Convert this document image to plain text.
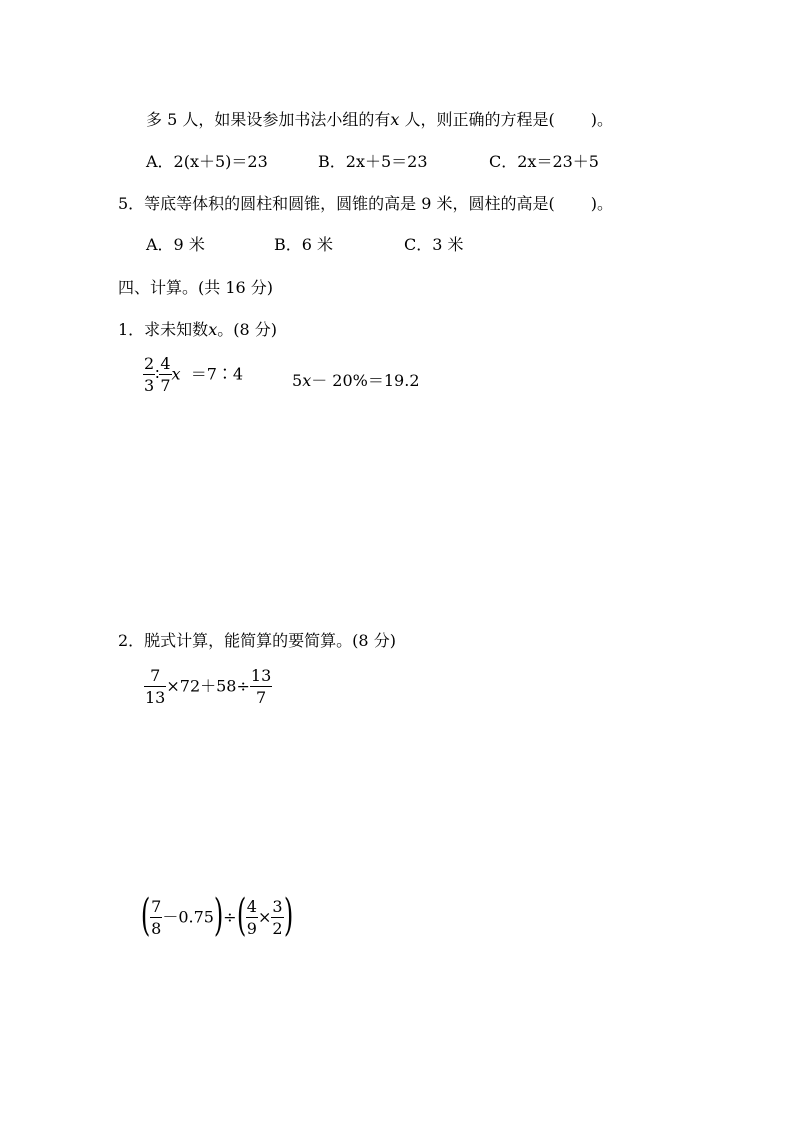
多 5 人，如果设参加书法小组的有x 人，则正确的方程是( )。
A．2(x＋5)＝23	B．2x＋5＝23	C．2x＝23＋5
5．等底等体积的圆柱和圆锥，圆锥的高是 9 米，圆柱的高是( )。
A．9 米	B．6 米	C．3 米
四、计算。(共 16 分)
1．求未知数x。(8 分)
$\frac{2}{3}$ ∶ $\frac{4}{7}$ x ＝7∶4	5x－ 20%＝19.2
2．脱式计算，能简算的要简算。(8 分)
$\frac{7}{13} \times 72+58\div \frac{13}{7}$
( $\frac{7}{8} -0.75)\div( \frac{4}{9} \times \frac{3}{2}$ )
